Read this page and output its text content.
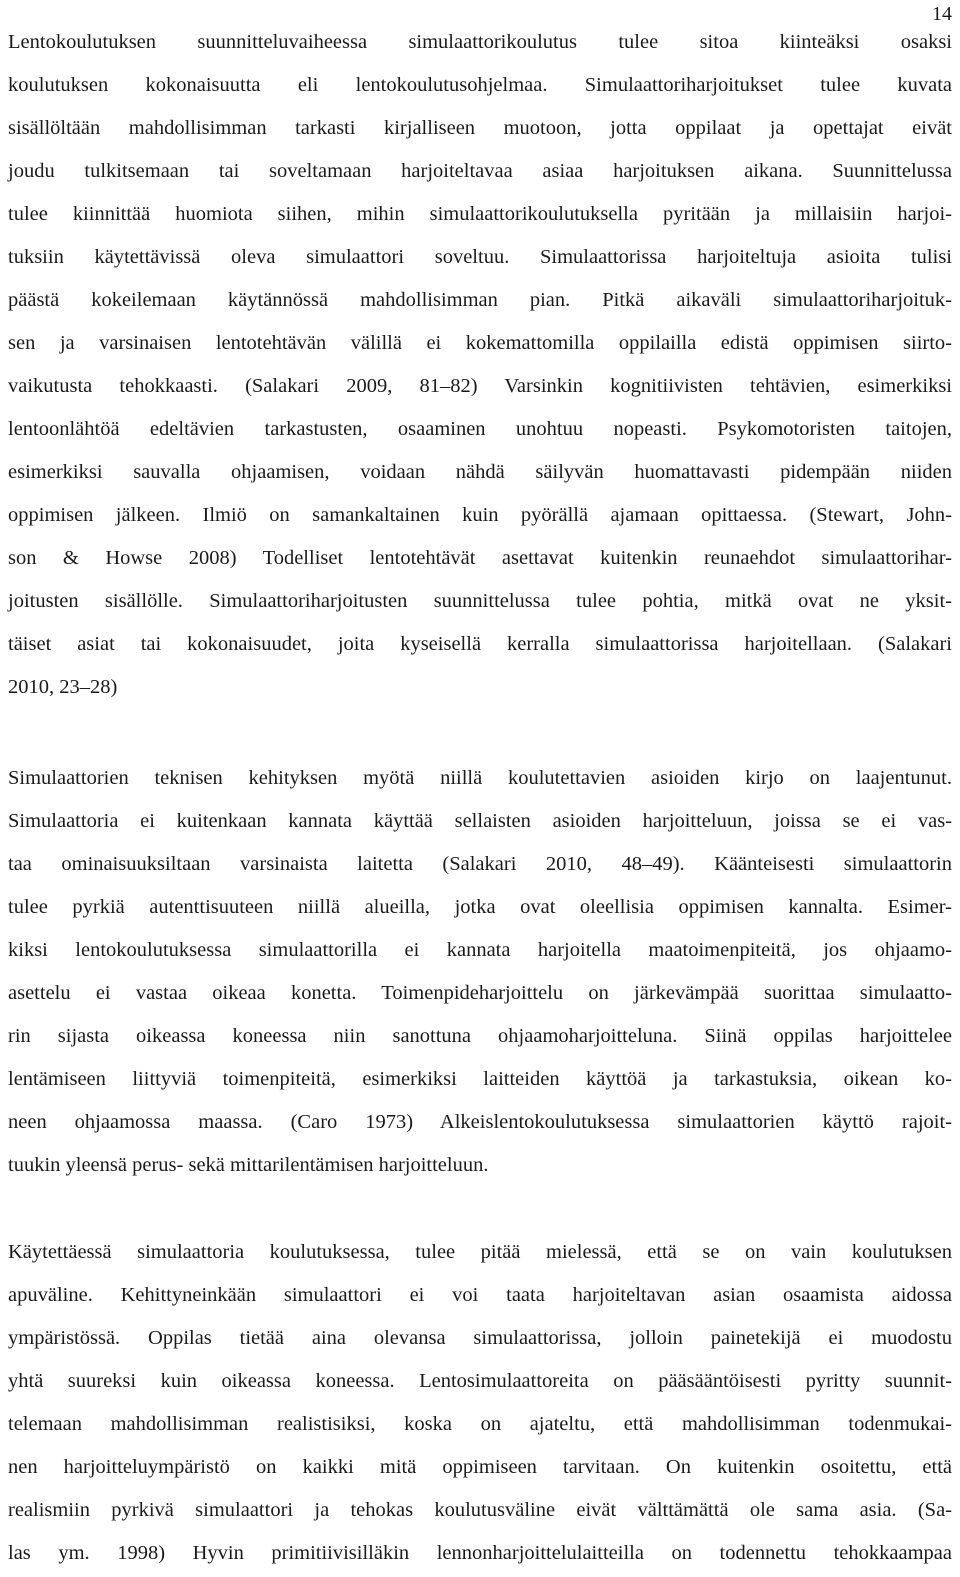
14
Lentokoulutuksen suunnitteluvaiheessa simulaattorikoulutus tulee sitoa kiinteäksi osaksi
koulutuksen kokonaisuutta eli lentokoulutusohjelmaa. Simulaattoriharjoitukset tulee kuvata
sisällöltään mahdollisimman tarkasti kirjalliseen muotoon, jotta oppilaat ja opettajat eivät
joudu tulkitsemaan tai soveltamaan harjoiteltavaa asiaa harjoituksen aikana. Suunnittelussa
tulee kiinnittää huomiota siihen, mihin simulaattorikoulutuksella pyritään ja millaisiin harjoi-
tuksiin käytettävissä oleva simulaattori soveltuu. Simulaattorissa harjoiteltuja asioita tulisi
päästä kokeilemaan käytännössä mahdollisimman pian. Pitkä aikaväli simulaattoriharjoituk-
sen ja varsinaisen lentotehtävän välillä ei kokemattomilla oppilailla edistä oppimisen siirto-
vaikutusta tehokkaasti. (Salakari 2009, 81–82) Varsinkin kognitiivisten tehtävien, esimerkiksi
lentoonlähtöä edeltävien tarkastusten, osaaminen unohtuu nopeasti. Psykomotoristen taitojen,
esimerkiksi sauvalla ohjaamisen, voidaan nähdä säilyvän huomattavasti pidempään niiden
oppimisen jälkeen. Ilmiö on samankaltainen kuin pyörällä ajamaan opittaessa. (Stewart, John-
son & Howse 2008) Todelliset lentotehtävät asettavat kuitenkin reunaehdot simulaattorihar-
joitusten sisällölle. Simulaattoriharjoitusten suunnittelussa tulee pohtia, mitkä ovat ne yksit-
täiset asiat tai kokonaisuudet, joita kyseisellä kerralla simulaattorissa harjoitellaan. (Salakari
2010, 23–28)
Simulaattorien teknisen kehityksen myötä niillä koulutettavien asioiden kirjo on laajentunut.
Simulaattoria ei kuitenkaan kannata käyttää sellaisten asioiden harjoitteluun, joissa se ei vas-
taa ominaisuuksiltaan varsinaista laitetta (Salakari 2010, 48–49). Käänteisesti simulaattorin
tulee pyrkiä autenttisuuteen niillä alueilla, jotka ovat oleellisia oppimisen kannalta. Esimer-
kiksi lentokoulutuksessa simulaattorilla ei kannata harjoitella maatoimenpiteitä, jos ohjaamo-
asettelu ei vastaa oikeaa konetta. Toimenpideharjoittelu on järkevämpää suorittaa simulaatto-
rin sijasta oikeassa koneessa niin sanottuna ohjaamoharjoitteluna. Siinä oppilas harjoittelee
lentämiseen liittyviä toimenpiteitä, esimerkiksi laitteiden käyttöä ja tarkastuksia, oikean ko-
neen ohjaamossa maassa. (Caro 1973) Alkeislentokoulutuksessa simulaattorien käyttö rajoit-
tuukin yleensä perus- sekä mittarilentämisen harjoitteluun.
Käytettäessä simulaattoria koulutuksessa, tulee pitää mielessä, että se on vain koulutuksen
apuväline. Kehittyneinkään simulaattori ei voi taata harjoiteltavan asian osaamista aidossa
ympäristössä. Oppilas tietää aina olevansa simulaattorissa, jolloin painetekijä ei muodostu
yhtä suureksi kuin oikeassa koneessa. Lentosimulaattoreita on pääsääntöisesti pyritty suunnit-
telemaan mahdollisimman realistisiksi, koska on ajateltu, että mahdollisimman todenmukai-
nen harjoitteluympäristö on kaikki mitä oppimiseen tarvitaan. On kuitenkin osoitettu, että
realismiin pyrkivä simulaattori ja tehokas koulutusväline eivät välttämättä ole sama asia. (Sa-
las ym. 1998) Hyvin primitiivisilläkin lennonharjoittelulaitteilla on todennettu tehokkaampaa
